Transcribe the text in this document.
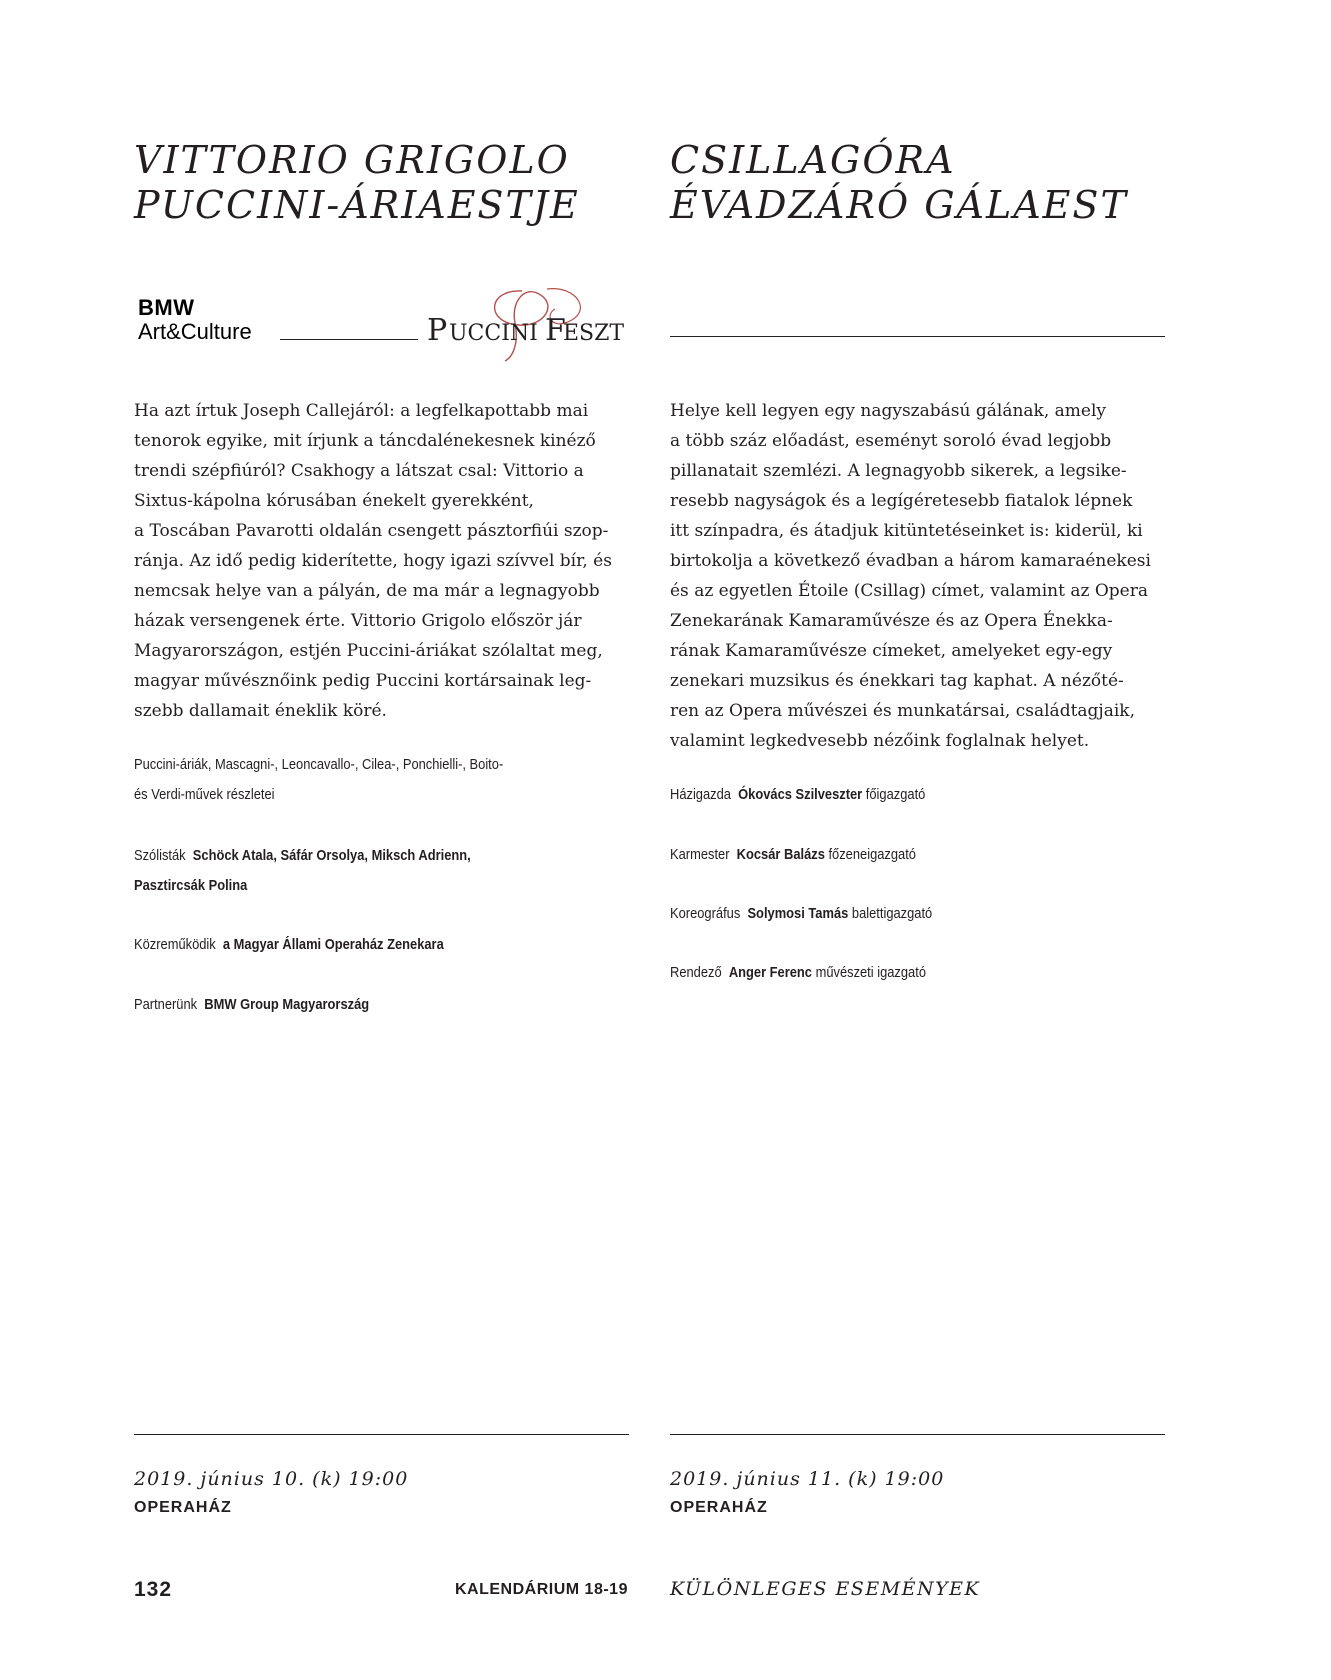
VITTORIO GRIGOLO
PUCCINI-ÁRIAESTJE
BMW
Art&Culture	P UCCINI F
ESZT
Ha azt írtuk Joseph Callejáról: a legfelkapottabb mai
tenorok egyike, mit írjunk a táncdalénekesnek kinéző
trendi szépfiúról? Csakhogy a látszat csal: Vittorio a
Sixtus-kápolna kórusában énekelt gyerekként,
a Toscában Pavarotti oldalán csengett pásztorfiúi szop-
ránja. Az idő pedig kiderítette, hogy igazi szívvel bír, és
nemcsak helye van a pályán, de ma már a legnagyobb
házak versengenek érte. Vittorio Grigolo először jár
Magyarországon, estjén Puccini-áriákat szólaltat meg,
magyar művésznőink pedig Puccini kortársainak leg-
szebb dallamait éneklik köré.
Puccini-áriák, Mascagni-, Leoncavallo-, Cilea-, Ponchielli-, Boito-
és Verdi-művek részletei
Szólisták Schöck Atala, Sáfár Orsolya, Miksch Adrienn,
Pasztircsák Polina
Közreműködik a Magyar Állami Operaház Zenekara
Partnerünk BMW Group Magyarország
2019. június 10. (k) 19:00
OPERAHÁZ
CSILLAGÓRA
ÉVADZÁRÓ GÁLAEST
Helye kell legyen egy nagyszabású gálának, amely
a több száz előadást, eseményt soroló évad legjobb
pillanatait szemlézi. A legnagyobb sikerek, a legsike-
resebb nagyságok és a legígéretesebb fiatalok lépnek
itt színpadra, és átadjuk kitüntetéseinket is: kiderül, ki
birtokolja a következő évadban a három kamaraénekesi
és az egyetlen Étoile (Csillag) címet, valamint az Opera
Zenekarának Kamaraművésze és az Opera Énekka-
rának Kamaraművésze címeket, amelyeket egy-egy
zenekari muzsikus és énekkari tag kaphat. A nézőté-
ren az Opera művészei és munkatársai, családtagjaik,
valamint legkedvesebb nézőink foglalnak helyet.
Házigazda Ókovács Szilveszter főigazgató
Karmester Kocsár Balázs főzeneigazgató
Koreográfus Solymosi Tamás balettigazgató
Rendező Anger Ferenc művészeti igazgató
2019. június 11. (k) 19:00
OPERAHÁZ
132	KALENDÁRIUM 18-19 KÜLÖNLEGES ESEMÉNYEK
